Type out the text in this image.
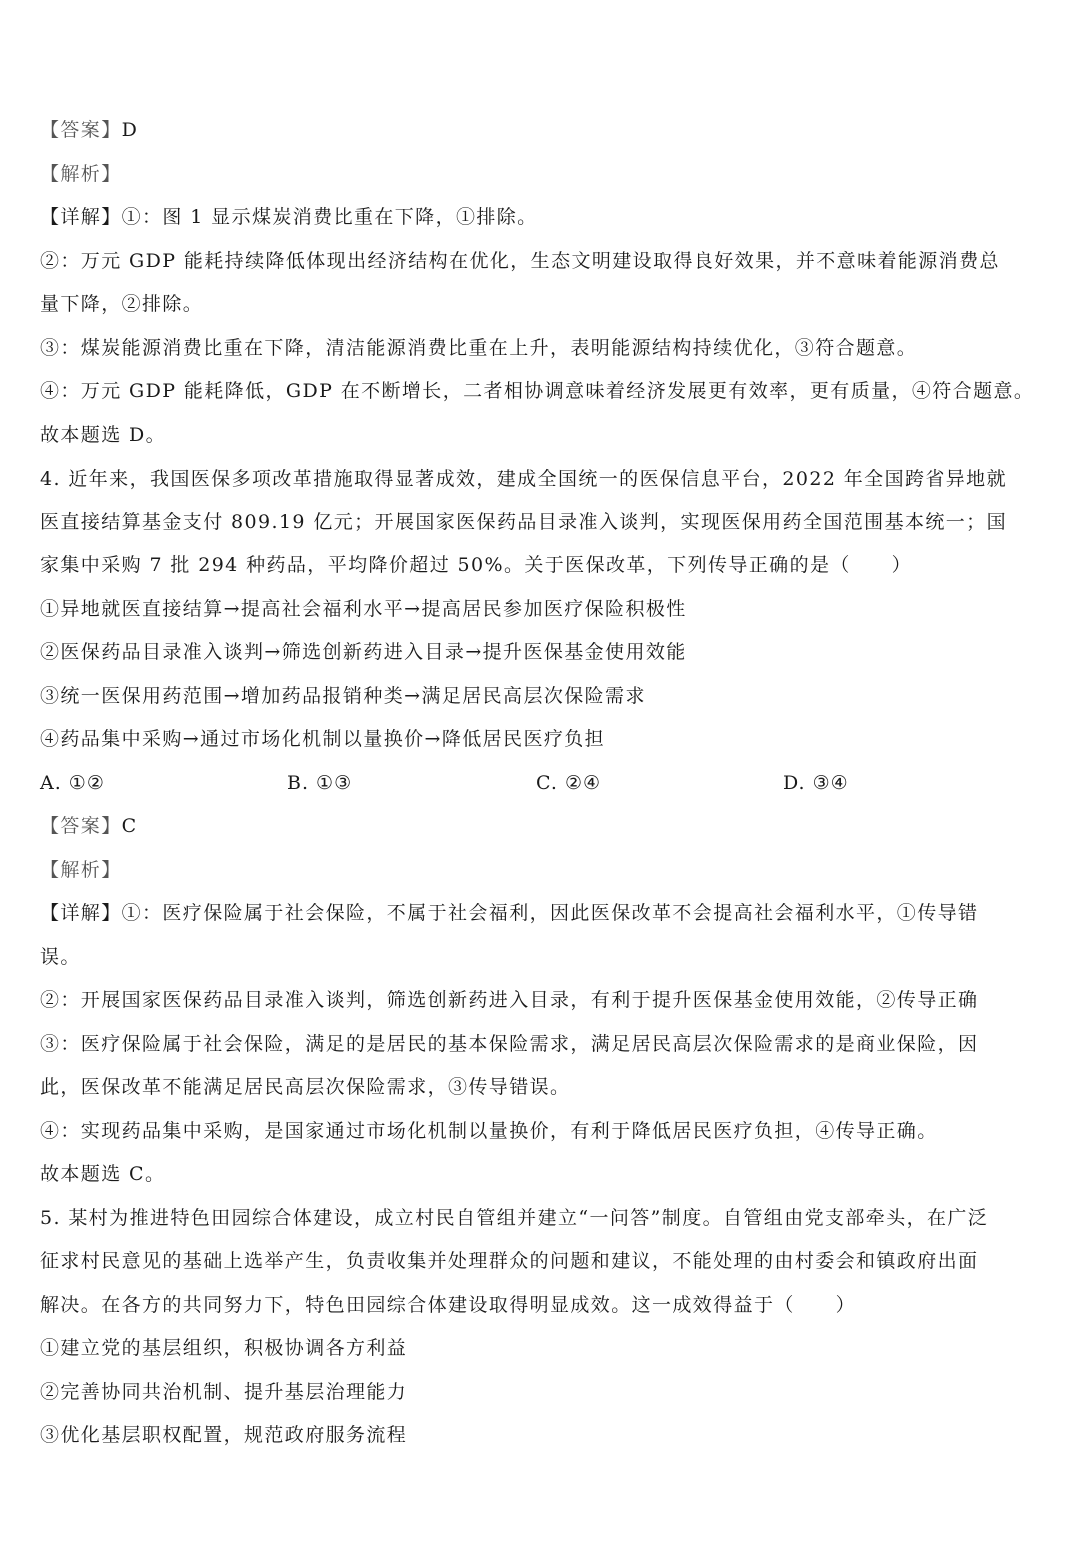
【答案】D
【解析】
【详解】①：图 1 显示煤炭消费比重在下降，①排除。
②：万元 GDP 能耗持续降低体现出经济结构在优化，生态文明建设取得良好效果，并不意味着能源消费总
量下降，②排除。
③：煤炭能源消费比重在下降，清洁能源消费比重在上升，表明能源结构持续优化，③符合题意。
④：万元 GDP 能耗降低，GDP 在不断增长，二者相协调意味着经济发展更有效率，更有质量，④符合题意。
故本题选 D。
4. 近年来，我国医保多项改革措施取得显著成效，建成全国统一的医保信息平台，2022 年全国跨省异地就
医直接结算基金支付 809.19 亿元；开展国家医保药品目录准入谈判，实现医保用药全国范围基本统一；国
家集中采购 7 批 294 种药品，平均降价超过 50%。关于医保改革，下列传导正确的是（　　）
①异地就医直接结算→提高社会福利水平→提高居民参加医疗保险积极性
②医保药品目录准入谈判→筛选创新药进入目录→提升医保基金使用效能
③统一医保用药范围→增加药品报销种类→满足居民高层次保险需求
④药品集中采购→通过市场化机制以量换价→降低居民医疗负担
A. ①②	B. ①③	C. ②④	D. ③④
【答案】C
【解析】
【详解】①：医疗保险属于社会保险，不属于社会福利，因此医保改革不会提高社会福利水平，①传导错
误。
②：开展国家医保药品目录准入谈判，筛选创新药进入目录，有利于提升医保基金使用效能，②传导正确
③：医疗保险属于社会保险，满足的是居民的基本保险需求，满足居民高层次保险需求的是商业保险，因
此，医保改革不能满足居民高层次保险需求，③传导错误。
④：实现药品集中采购，是国家通过市场化机制以量换价，有利于降低居民医疗负担，④传导正确。
故本题选 C。
5. 某村为推进特色田园综合体建设，成立村民自管组并建立“一问答”制度。自管组由党支部牵头，在广泛
征求村民意见的基础上选举产生，负责收集并处理群众的问题和建议，不能处理的由村委会和镇政府出面
解决。在各方的共同努力下，特色田园综合体建设取得明显成效。这一成效得益于（　　）
①建立党的基层组织，积极协调各方利益
②完善协同共治机制、提升基层治理能力
③优化基层职权配置，规范政府服务流程
